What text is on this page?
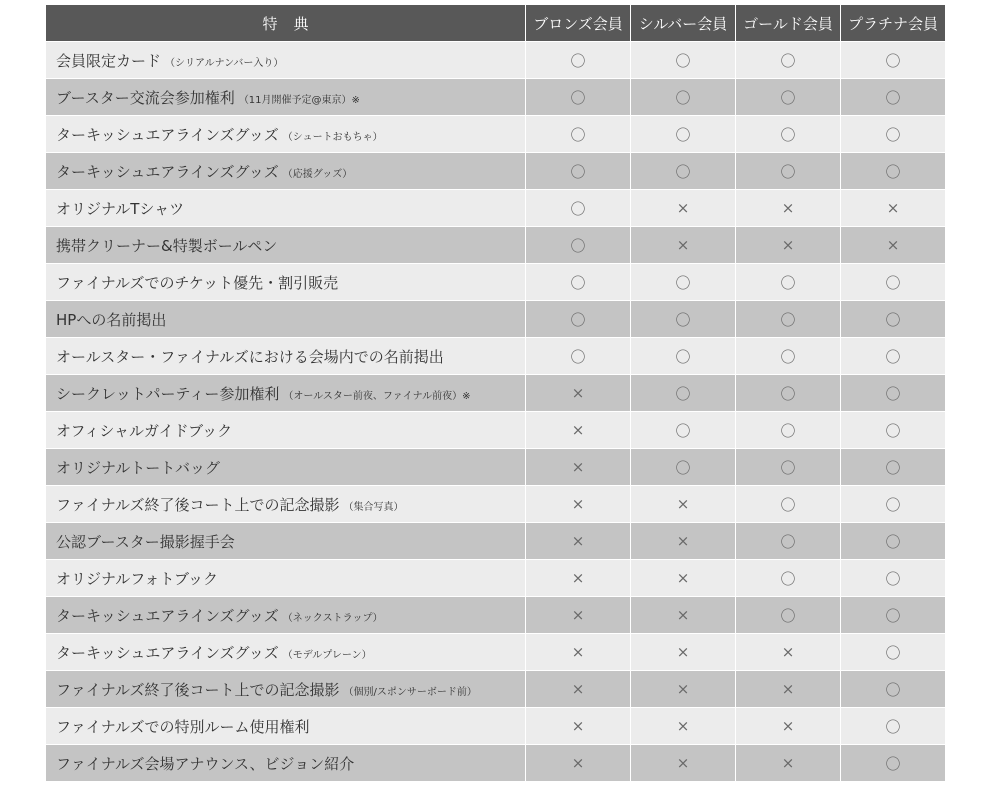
特典	ブロンズ会員	シルバー会員	ゴールド会員	プラチナ会員
会員限定カード （シリアルナンバー入り）	〇	〇	〇	〇
ブースター交流会参加権利 （11月開催予定@東京）※	〇	〇	〇	〇
ターキッシュエアラインズグッズ （シュートおもちゃ）	〇	〇	〇	〇
ターキッシュエアラインズグッズ （応援グッズ）	〇	〇	〇	〇
オリジナルTシャツ	〇	×	×	×
携帯クリーナー&特製ボールペン	〇	×	×	×
ファイナルズでのチケット優先・割引販売	〇	〇	〇	〇
HPへの名前掲出	〇	〇	〇	〇
オールスター・ファイナルズにおける会場内での名前掲出	〇	〇	〇	〇
シークレットパーティー参加権利 （オールスター前夜、ファイナル前夜）※	×	〇	〇	〇
オフィシャルガイドブック	×	〇	〇	〇
オリジナルトートバッグ	×	〇	〇	〇
ファイナルズ終了後コート上での記念撮影 （集合写真）	×	×	〇	〇
公認ブースター撮影握手会	×	×	〇	〇
オリジナルフォトブック	×	×	〇	〇
ターキッシュエアラインズグッズ （ネックストラップ）	×	×	〇	〇
ターキッシュエアラインズグッズ （モデルプレーン）	×	×	×	〇
ファイナルズ終了後コート上での記念撮影 （個別/スポンサーボード前）	×	×	×	〇
ファイナルズでの特別ルーム使用権利	×	×	×	〇
ファイナルズ会場アナウンス、ビジョン紹介	×	×	×	〇
